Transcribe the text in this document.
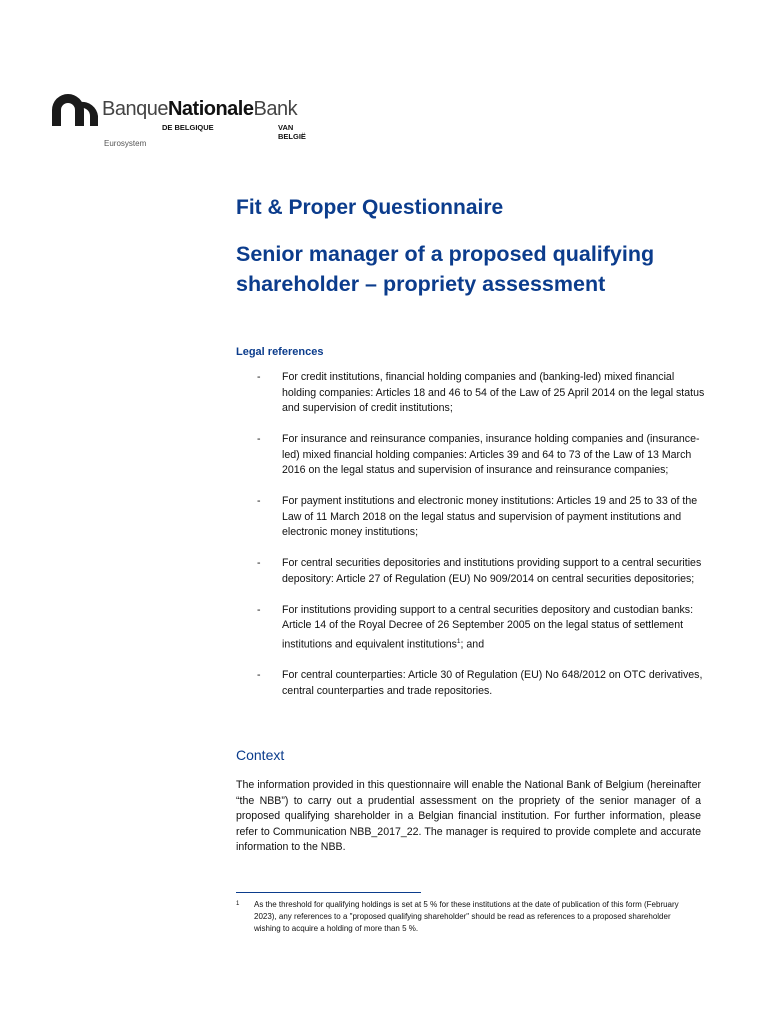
BanqueNationaleBank
DE BELGIQUE	VAN BELGIË
Eurosystem
Fit & Proper Questionnaire
Senior manager of a proposed qualifying shareholder – propriety assessment
Legal references
- For credit institutions, financial holding companies and (banking-led) mixed financial holding companies: Articles 18 and 46 to 54 of the Law of 25 April 2014 on the legal status and supervision of credit institutions;
- For insurance and reinsurance companies, insurance holding companies and (insurance-led) mixed financial holding companies: Articles 39 and 64 to 73 of the Law of 13 March 2016 on the legal status and supervision of insurance and reinsurance companies;
- For payment institutions and electronic money institutions: Articles 19 and 25 to 33 of the Law of 11 March 2018 on the legal status and supervision of payment institutions and electronic money institutions;
- For central securities depositories and institutions providing support to a central securities depository: Article 27 of Regulation (EU) No 909/2014 on central securities depositories;
- For institutions providing support to a central securities depository and custodian banks: Article 14 of the Royal Decree of 26 September 2005 on the legal status of settlement institutions and equivalent institutions$^1$; and
- For central counterparties: Article 30 of Regulation (EU) No 648/2012 on OTC derivatives, central counterparties and trade repositories.
Context

The information provided in this questionnaire will enable the National Bank of Belgium (hereinafter “the NBB”) to carry out a prudential assessment on the propriety of the senior manager of a proposed qualifying shareholder in a Belgian financial institution. For further information, please refer to Communication NBB_2017_22. The manager is required to provide complete and accurate information to the NBB.

1	As the threshold for qualifying holdings is set at 5 % for these institutions at the date of publication of this form (February 2023), any references to a "proposed qualifying shareholder" should be read as references to a proposed shareholder wishing to acquire a holding of more than 5 %.
